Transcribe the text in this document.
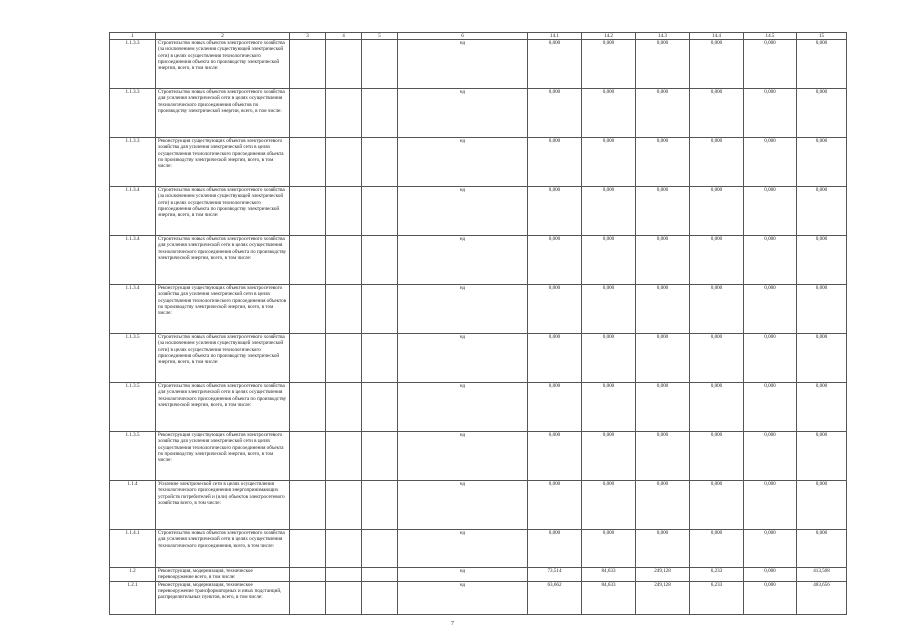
1	2	3	4	5	6	14.1	14.2	14.3	14.4	14.5	15
1.1.3.3	Строительство новых объектов электросетевого хозяйства (за исключением усиления существующей электрической сети) в целях осуществления технологического присоединения объекта по производству электрической энергии, всего, в том числе:				нд	0,000	0,000	0,000	0,000	0,000	0,000
1.1.3.3	Строительство новых объектов электросетевого хозяйства для усиления электрической сети в целях осуществления технологического присоединения объектов по производству электрической энергии, всего, в том числе:				нд	0,000	0,000	0,000	0,000	0,000	0,000
1.1.3.3	Реконструкция существующих объектов электросетевого хозяйства для усиления электрической сети в целях осуществления технологического присоединения объекта по производству электрической энергии, всего, в том числе:				нд	0,000	0,000	0,000	0,000	0,000	0,000
1.1.3.4	Строительство новых объектов электросетевого хозяйства (за исключением усиления существующей электрической сети) в целях осуществления технологического присоединения объекта по производству электрической энергии, всего, в том числе:				нд	0,000	0,000	0,000	0,000	0,000	0,000
1.1.3.4	Строительство новых объектов электросетевого хозяйства для усиления электрической сети в целях осуществления технологического присоединения объекта по производству электрической энергии, всего, в том числе:				нд	0,000	0,000	0,000	0,000	0,000	0,000
1.1.3.4	Реконструкция существующих объектов электросетевого хозяйства для усиления электрической сети в целях осуществления технологического присоединения объектов по производству электрической энергии, всего, в том числе:				нд	0,000	0,000	0,000	0,000	0,000	0,000
1.1.3.5	Строительство новых объектов электросетевого хозяйства (за исключением усиления существующей электрической сети) в целях осуществления технологического присоединения объекта по производству электрической энергии, всего, в том числе:				нд	0,000	0,000	0,000	0,000	0,000	0,000
1.1.3.5	Строительство новых объектов электросетевого хозяйства для усиления электрической сети в целях осуществления технологического присоединения объекта по производству электрической энергии, всего, в том числе:				нд	0,000	0,000	0,000	0,000	0,000	0,000
1.1.3.5	Реконструкция существующих объектов электросетевого хозяйства для усиления электрической сети в целях осуществления технологического присоединения объекта по производству электрической энергии, всего, в том числе:				нд	0,000	0,000	0,000	0,000	0,000	0,000
1.1.4	Усиление электрической сети в целях осуществления технологического присоединения энергопринимающих устройств потребителей и (или) объектов электросетевого хозяйства всего, в том числе:				нд	0,000	0,000	0,000	0,000	0,000	0,000
1.1.4.1	Строительство новых объектов электросетевого хозяйства для усиления электрической сети в целях осуществления технологического присоединения, всего, в том числе:				нд	0,000	0,000	0,000	0,000	0,000	0,000
1.2	Реконструкция, модернизация, техническое перевооружение всего, в том числе:				нд	73,514	84,633	249,128	6,233	0,000	413,508
1.2.1	Реконструкция, модернизация, техническое перевооружение трансформаторных и иных подстанций, распределительных пунктов, всего, в том числе:				нд	63,662	84,633	249,128	6,233	0,000	403,656
7
